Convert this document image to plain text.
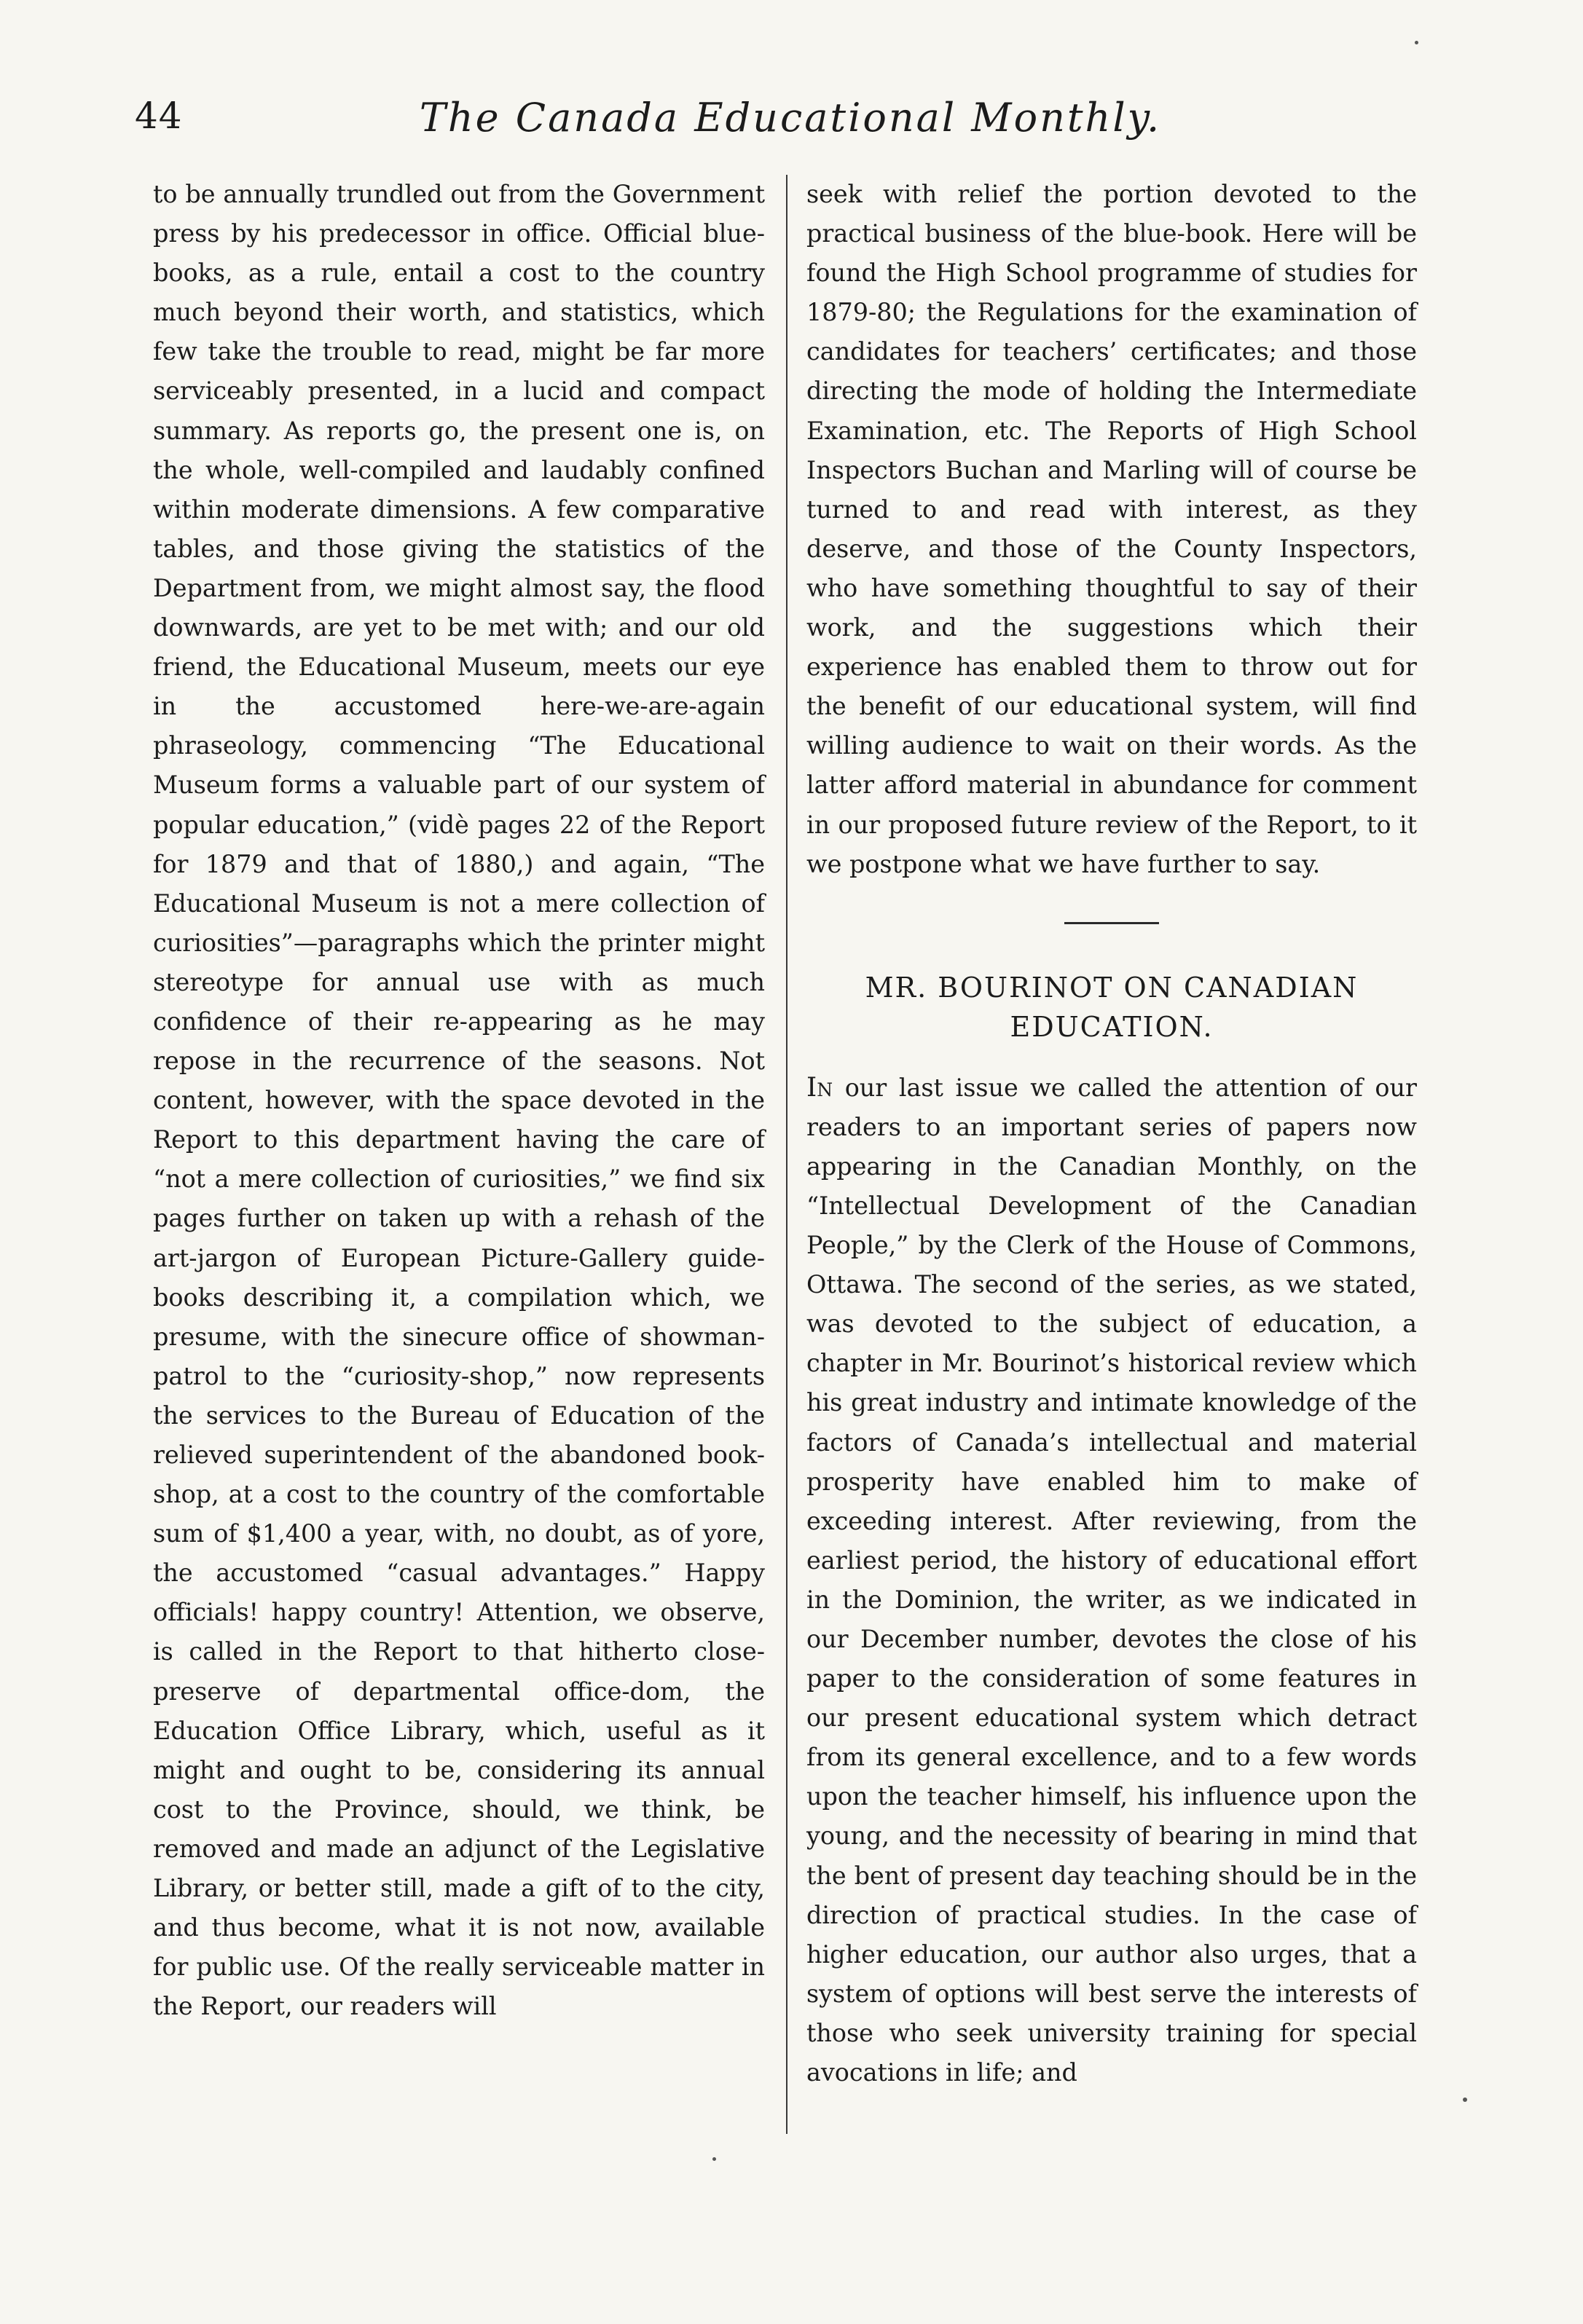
44	The Canada Educational Monthly.

to be annually trundled out from the Government press by his predecessor in office. Official blue-books, as a rule, entail a cost to the country much beyond their worth, and statistics, which few take the trouble to read, might be far more serviceably presented, in a lucid and compact summary. As reports go, the present one is, on the whole, well-compiled and laudably confined within moderate dimensions. A few comparative tables, and those giving the statistics of the Department from, we might almost say, the flood downwards, are yet to be met with; and our old friend, the Educational Museum, meets our eye in the accustomed here-we-are-again phraseology, commencing “The Educational Museum forms a valuable part of our system of popular education,” (vidè pages 22 of the Report for 1879 and that of 1880,) and again, “The Educational Museum is not a mere collection of curiosities”—paragraphs which the printer might stereotype for annual use with as much confidence of their re-appearing as he may repose in the recurrence of the seasons. Not content, however, with the space devoted in the Report to this department having the care of “not a mere collection of curiosities,” we find six pages further on taken up with a rehash of the art-jargon of European Picture-Gallery guide-books describing it, a compilation which, we presume, with the sinecure office of showman-patrol to the “curiosity-shop,” now represents the services to the Bureau of Education of the relieved superintendent of the abandoned book-shop, at a cost to the country of the comfortable sum of $1,400 a year, with, no doubt, as of yore, the accustomed “casual advantages.” Happy officials! happy country! Attention, we observe, is called in the Report to that hitherto close-preserve of departmental office-dom, the Education Office Library, which, useful as it might and ought to be, considering its annual cost to the Province, should, we think, be removed and made an adjunct of the Legislative Library, or better still, made a gift of to the city, and thus become, what it is not now, available for public use. Of the really serviceable matter in the Report, our readers will

seek with relief the portion devoted to the practical business of the blue-book. Here will be found the High School programme of studies for 1879-80; the Regulations for the examination of candidates for teachers’ certificates; and those directing the mode of holding the Intermediate Examination, etc. The Reports of High School Inspectors Buchan and Marling will of course be turned to and read with interest, as they deserve, and those of the County Inspectors, who have something thoughtful to say of their work, and the suggestions which their experience has enabled them to throw out for the benefit of our educational system, will find willing audience to wait on their words. As the latter afford material in abundance for comment in our proposed future review of the Report, to it we postpone what we have further to say.

MR. BOURINOT ON CANADIAN
EDUCATION.

In our last issue we called the attention of our readers to an important series of papers now appearing in the Canadian Monthly, on the “Intellectual Development of the Canadian People,” by the Clerk of the House of Commons, Ottawa. The second of the series, as we stated, was devoted to the subject of education, a chapter in Mr. Bourinot’s historical review which his great industry and intimate knowledge of the factors of Canada’s intellectual and material prosperity have enabled him to make of exceeding interest. After reviewing, from the earliest period, the history of educational effort in the Dominion, the writer, as we indicated in our December number, devotes the close of his paper to the consideration of some features in our present educational system which detract from its general excellence, and to a few words upon the teacher himself, his influence upon the young, and the necessity of bearing in mind that the bent of present day teaching should be in the direction of practical studies. In the case of higher education, our author also urges, that a system of options will best serve the interests of those who seek university training for special avocations in life; and
